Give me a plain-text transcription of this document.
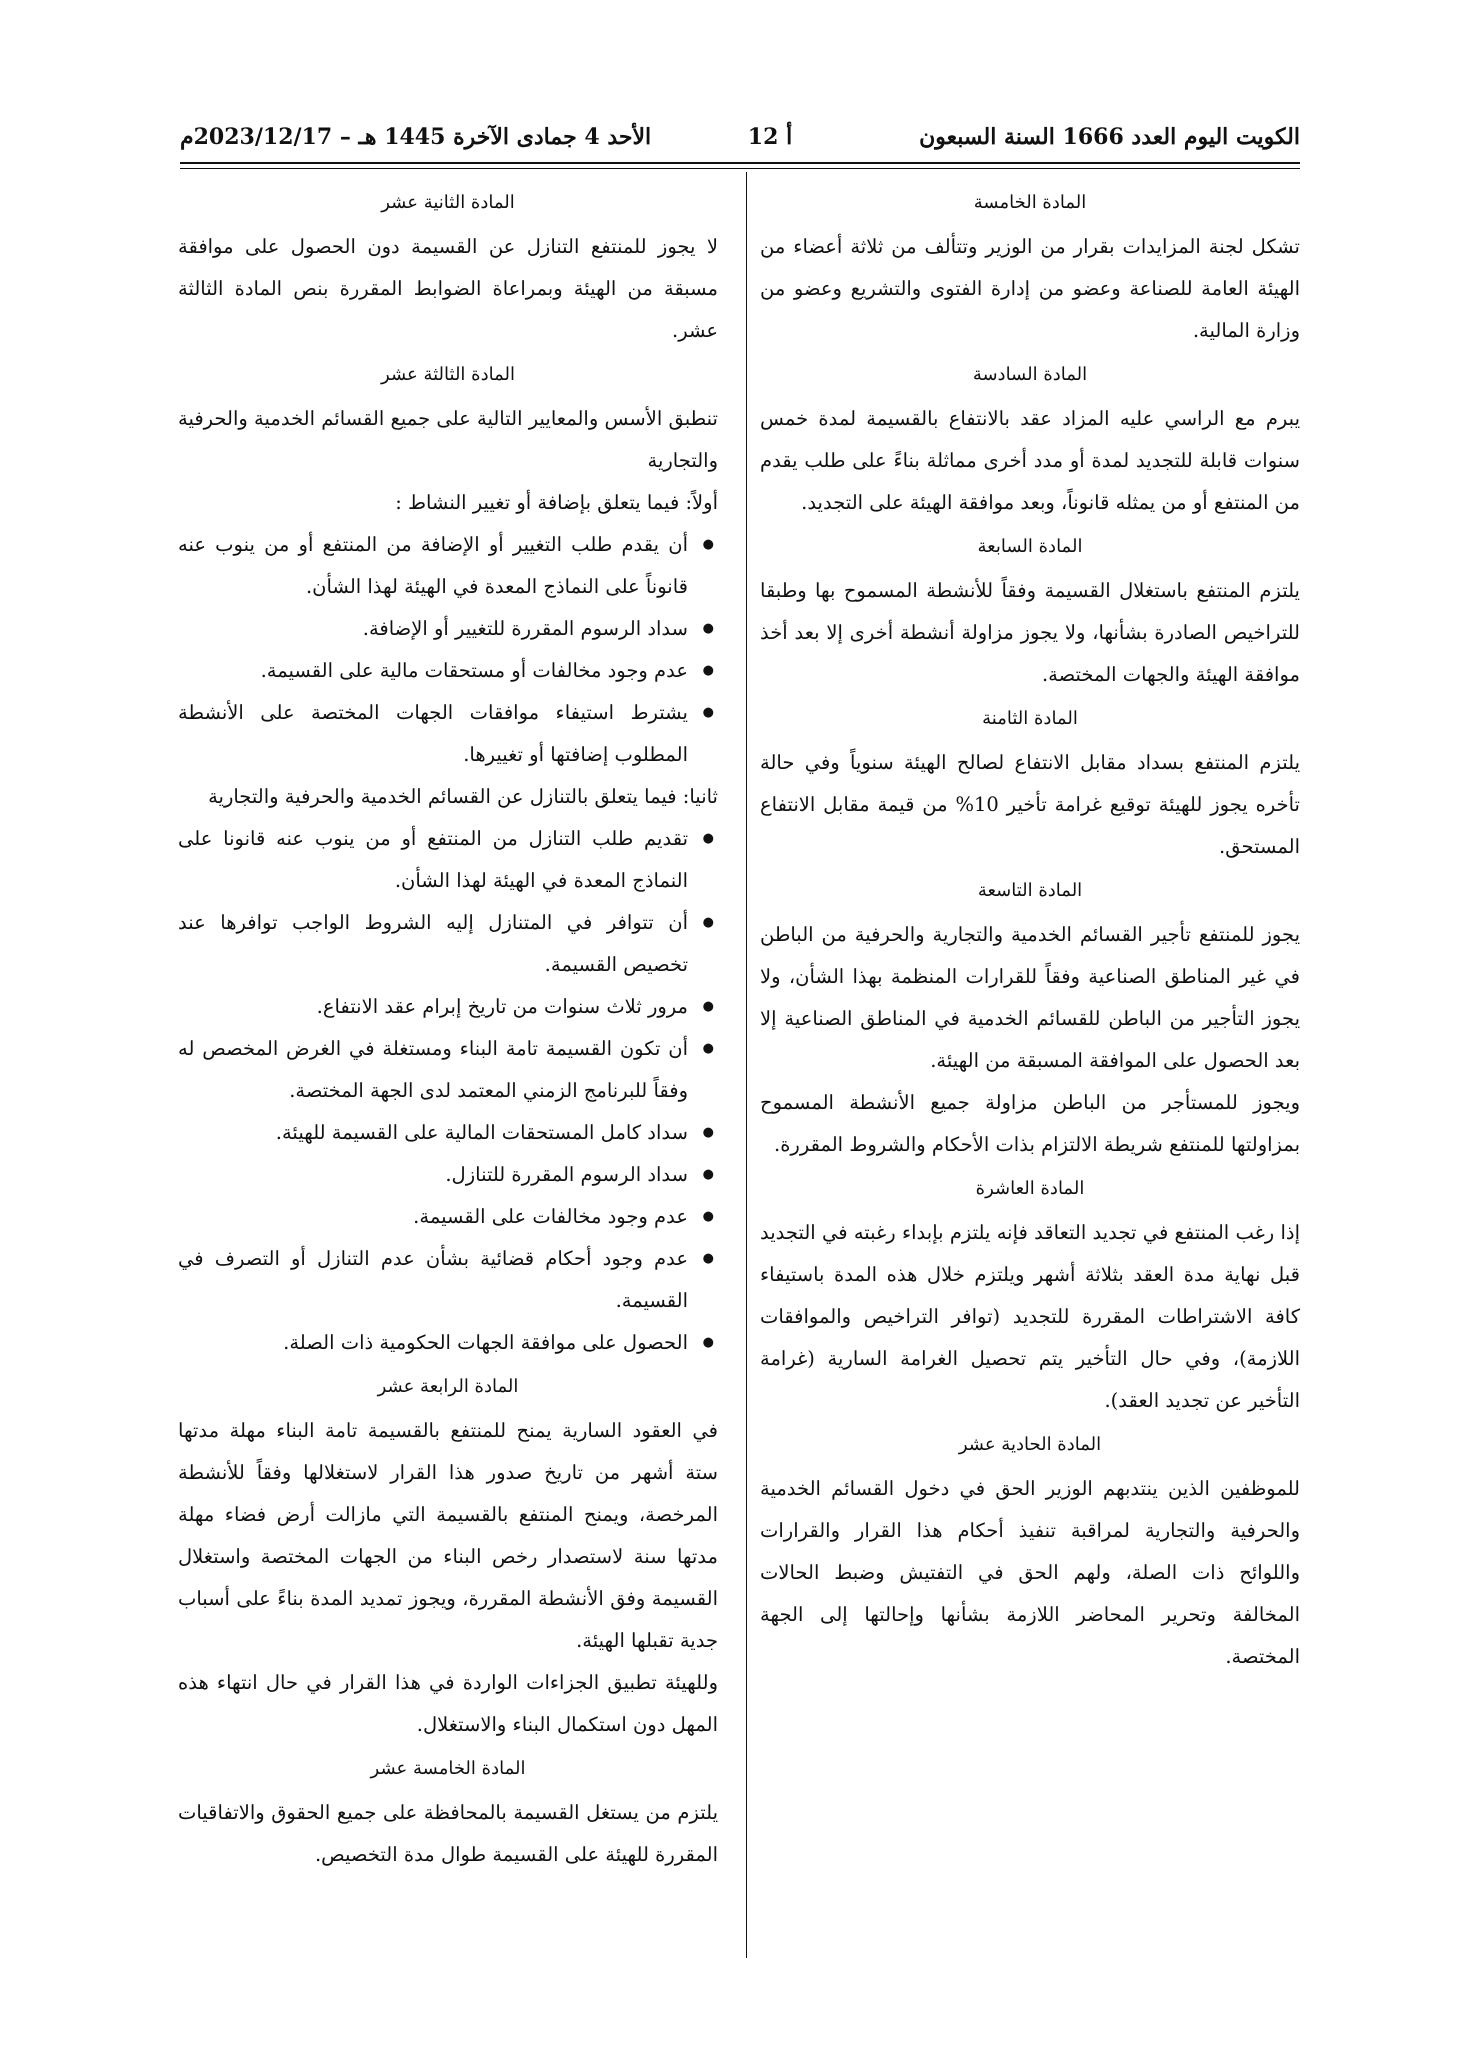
الكويت اليوم العدد 1666 السنة السبعون
أ 12
الأحد 4 جمادى الآخرة 1445 هـ – 2023/12/17م
المادة الخامسة

تشكل لجنة المزايدات بقرار من الوزير وتتألف من ثلاثة أعضاء من الهيئة العامة للصناعة وعضو من إدارة الفتوى والتشريع وعضو من وزارة المالية.

المادة السادسة

يبرم مع الراسي عليه المزاد عقد بالانتفاع بالقسيمة لمدة خمس سنوات قابلة للتجديد لمدة أو مدد أخرى مماثلة بناءً على طلب يقدم من المنتفع أو من يمثله قانوناً، وبعد موافقة الهيئة على التجديد.

المادة السابعة

يلتزم المنتفع باستغلال القسيمة وفقاً للأنشطة المسموح بها وطبقا للتراخيص الصادرة بشأنها، ولا يجوز مزاولة أنشطة أخرى إلا بعد أخذ موافقة الهيئة والجهات المختصة.

المادة الثامنة

يلتزم المنتفع بسداد مقابل الانتفاع لصالح الهيئة سنوياً وفي حالة تأخره يجوز للهيئة توقيع غرامة تأخير 10% من قيمة مقابل الانتفاع المستحق.

المادة التاسعة

يجوز للمنتفع تأجير القسائم الخدمية والتجارية والحرفية من الباطن في غير المناطق الصناعية وفقاً للقرارات المنظمة بهذا الشأن، ولا يجوز التأجير من الباطن للقسائم الخدمية في المناطق الصناعية إلا بعد الحصول على الموافقة المسبقة من الهيئة.

ويجوز للمستأجر من الباطن مزاولة جميع الأنشطة المسموح بمزاولتها للمنتفع شريطة الالتزام بذات الأحكام والشروط المقررة.

المادة العاشرة

إذا رغب المنتفع في تجديد التعاقد فإنه يلتزم بإبداء رغبته في التجديد قبل نهاية مدة العقد بثلاثة أشهر ويلتزم خلال هذه المدة باستيفاء كافة الاشتراطات المقررة للتجديد (توافر التراخيص والموافقات اللازمة)، وفي حال التأخير يتم تحصيل الغرامة السارية (غرامة التأخير عن تجديد العقد).

المادة الحادية عشر

للموظفين الذين ينتدبهم الوزير الحق في دخول القسائم الخدمية والحرفية والتجارية لمراقبة تنفيذ أحكام هذا القرار والقرارات واللوائح ذات الصلة، ولهم الحق في التفتيش وضبط الحالات المخالفة وتحرير المحاضر اللازمة بشأنها وإحالتها إلى الجهة المختصة.

المادة الثانية عشر

لا يجوز للمنتفع التنازل عن القسيمة دون الحصول على موافقة مسبقة من الهيئة وبمراعاة الضوابط المقررة بنص المادة الثالثة عشر.

المادة الثالثة عشر

تنطبق الأسس والمعايير التالية على جميع القسائم الخدمية والحرفية والتجارية

أولاً: فيما يتعلق بإضافة أو تغيير النشاط :

● أن يقدم طلب التغيير أو الإضافة من المنتفع أو من ينوب عنه قانوناً على النماذج المعدة في الهيئة لهذا الشأن.

● سداد الرسوم المقررة للتغيير أو الإضافة.

● عدم وجود مخالفات أو مستحقات مالية على القسيمة.

● يشترط استيفاء موافقات الجهات المختصة على الأنشطة المطلوب إضافتها أو تغييرها.

ثانيا: فيما يتعلق بالتنازل عن القسائم الخدمية والحرفية والتجارية

● تقديم طلب التنازل من المنتفع أو من ينوب عنه قانونا على النماذج المعدة في الهيئة لهذا الشأن.

● أن تتوافر في المتنازل إليه الشروط الواجب توافرها عند تخصيص القسيمة.

● مرور ثلاث سنوات من تاريخ إبرام عقد الانتفاع.

● أن تكون القسيمة تامة البناء ومستغلة في الغرض المخصص له وفقاً للبرنامج الزمني المعتمد لدى الجهة المختصة.

● سداد كامل المستحقات المالية على القسيمة للهيئة.

● سداد الرسوم المقررة للتنازل.

● عدم وجود مخالفات على القسيمة.

● عدم وجود أحكام قضائية بشأن عدم التنازل أو التصرف في القسيمة.

● الحصول على موافقة الجهات الحكومية ذات الصلة.

المادة الرابعة عشر

في العقود السارية يمنح للمنتفع بالقسيمة تامة البناء مهلة مدتها ستة أشهر من تاريخ صدور هذا القرار لاستغلالها وفقاً للأنشطة المرخصة، ويمنح المنتفع بالقسيمة التي مازالت أرض فضاء مهلة مدتها سنة لاستصدار رخص البناء من الجهات المختصة واستغلال القسيمة وفق الأنشطة المقررة، ويجوز تمديد المدة بناءً على أسباب جدية تقبلها الهيئة.

وللهيئة تطبيق الجزاءات الواردة في هذا القرار في حال انتهاء هذه المهل دون استكمال البناء والاستغلال.

المادة الخامسة عشر

يلتزم من يستغل القسيمة بالمحافظة على جميع الحقوق والاتفاقيات المقررة للهيئة على القسيمة طوال مدة التخصيص.
